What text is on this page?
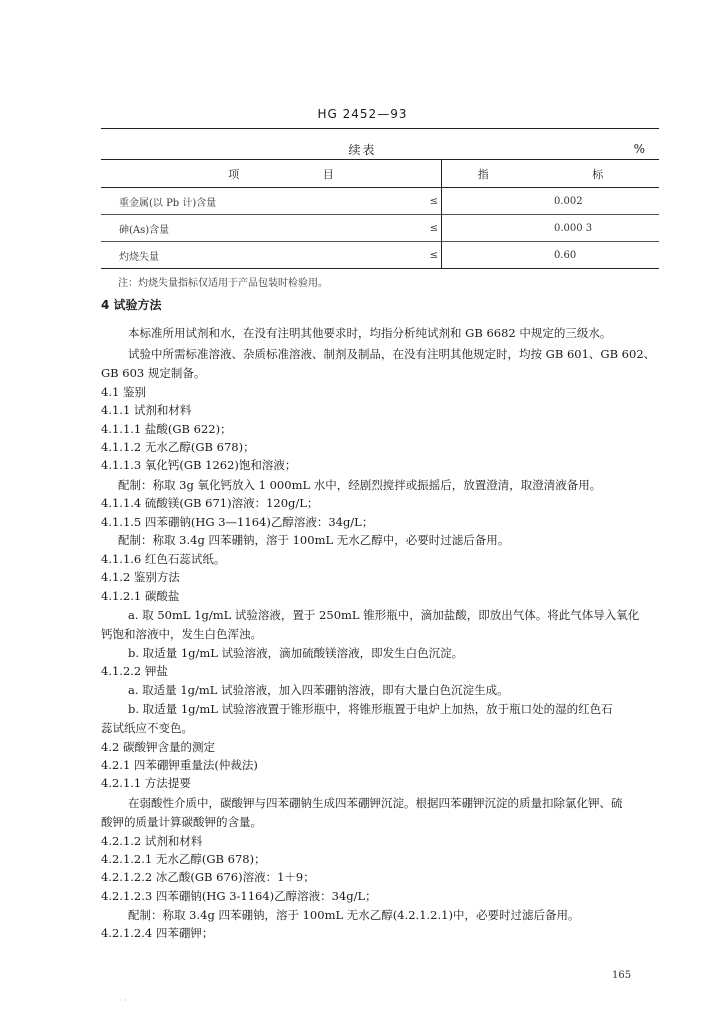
HG 2452—93
续表	%
项 目		指 标
重金属(以 Pb 计)含量	≤	0.002
砷(As)含量	≤	0.000 3
灼烧失量	≤	0.60
注：灼烧失量指标仅适用于产品包装时检验用。
4 试验方法
本标准所用试剂和水，在没有注明其他要求时，均指分析纯试剂和 GB 6682 中规定的三级水。
试验中所需标准溶液、杂质标准溶液、制剂及制品，在没有注明其他规定时，均按 GB 601、GB 602、
GB 603 规定制备。
4.1 鉴别
4.1.1 试剂和材料
4.1.1.1 盐酸(GB 622)；
4.1.1.2 无水乙醇(GB 678)；
4.1.1.3 氧化钙(GB 1262)饱和溶液；
配制：称取 3g 氧化钙放入 1 000mL 水中，经剧烈搅拌或振摇后，放置澄清，取澄清液备用。
4.1.1.4 硫酸镁(GB 671)溶液：120g/L；
4.1.1.5 四苯硼钠(HG 3—1164)乙醇溶液：34g/L；
配制：称取 3.4g 四苯硼钠，溶于 100mL 无水乙醇中，必要时过滤后备用。
4.1.1.6 红色石蕊试纸。
4.1.2 鉴别方法
4.1.2.1 碳酸盐
a. 取 50mL 1g/mL 试验溶液，置于 250mL 锥形瓶中，滴加盐酸，即放出气体。将此气体导入氧化
钙饱和溶液中，发生白色浑浊。
b. 取适量 1g/mL 试验溶液，滴加硫酸镁溶液，即发生白色沉淀。
4.1.2.2 钾盐
a. 取适量 1g/mL 试验溶液，加入四苯硼钠溶液，即有大量白色沉淀生成。
b. 取适量 1g/mL 试验溶液置于锥形瓶中，将锥形瓶置于电炉上加热，放于瓶口处的湿的红色石
蕊试纸应不变色。
4.2 碳酸钾含量的测定
4.2.1 四苯硼钾重量法(仲裁法)
4.2.1.1 方法提要
在弱酸性介质中，碳酸钾与四苯硼钠生成四苯硼钾沉淀。根据四苯硼钾沉淀的质量扣除氯化钾、硫
酸钾的质量计算碳酸钾的含量。
4.2.1.2 试剂和材料
4.2.1.2.1 无水乙醇(GB 678)；
4.2.1.2.2 冰乙酸(GB 676)溶液：1＋9；
4.2.1.2.3 四苯硼钠(HG 3-1164)乙醇溶液：34g/L；
配制：称取 3.4g 四苯硼钠，溶于 100mL 无水乙醇(4.2.1.2.1)中，必要时过滤后备用。
4.2.1.2.4 四苯硼钾；
165
·
